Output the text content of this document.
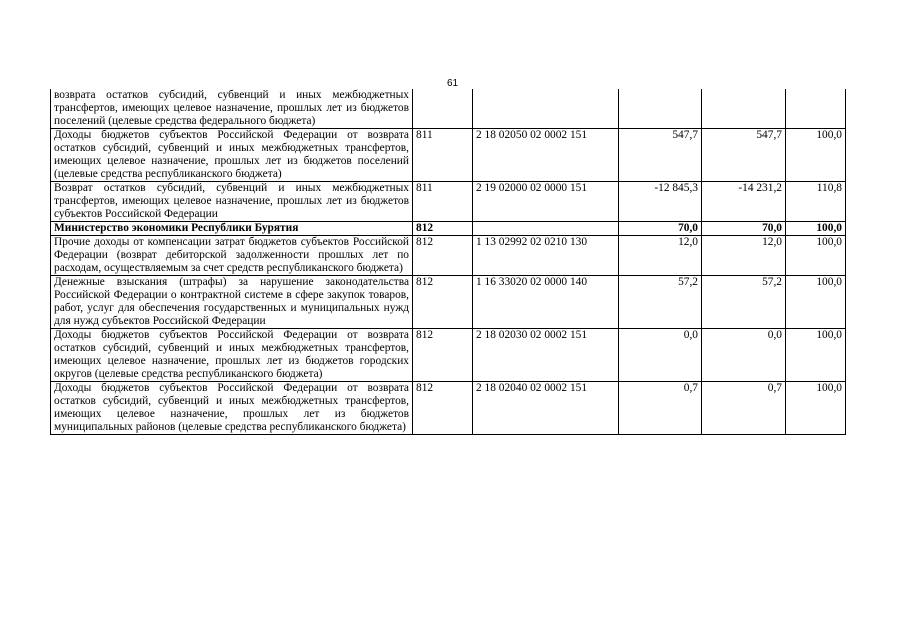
61
возврата остатков субсидий, субвенций и иных межбюджетных трансфертов, имеющих целевое назначение, прошлых лет из бюджетов поселений (целевые средства федерального бюджета)					
Доходы бюджетов субъектов Российской Федерации от возврата остатков субсидий, субвенций и иных межбюджетных трансфертов, имеющих целевое назначение, прошлых лет из бюджетов поселений (целевые средства республиканского бюджета)	811	2 18 02050 02 0002 151	547,7	547,7	100,0
Возврат остатков субсидий, субвенций и иных межбюджетных трансфертов, имеющих целевое назначение, прошлых лет из бюджетов субъектов Российской Федерации	811	2 19 02000 02 0000 151	-12 845,3	-14 231,2	110,8
Министерство экономики Республики Бурятия	812		70,0	70,0	100,0
Прочие доходы от компенсации затрат бюджетов субъектов Российской Федерации (возврат дебиторской задолженности прошлых лет по расходам, осуществляемым за счет средств республиканского бюджета)	812	1 13 02992 02 0210 130	12,0	12,0	100,0
Денежные взыскания (штрафы) за нарушение законодательства Российской Федерации о контрактной системе в сфере закупок товаров, работ, услуг для обеспечения государственных и муниципальных нужд для нужд субъектов Российской Федерации	812	1 16 33020 02 0000 140	57,2	57,2	100,0
Доходы бюджетов субъектов Российской Федерации от возврата остатков субсидий, субвенций и иных межбюджетных трансфертов, имеющих целевое назначение, прошлых лет из бюджетов городских округов (целевые средства республиканского бюджета)	812	2 18 02030 02 0002 151	0,0	0,0	100,0
Доходы бюджетов субъектов Российской Федерации от возврата остатков субсидий, субвенций и иных межбюджетных трансфертов, имеющих целевое назначение, прошлых лет из бюджетов муниципальных районов (целевые средства республиканского бюджета)	812	2 18 02040 02 0002 151	0,7	0,7	100,0
